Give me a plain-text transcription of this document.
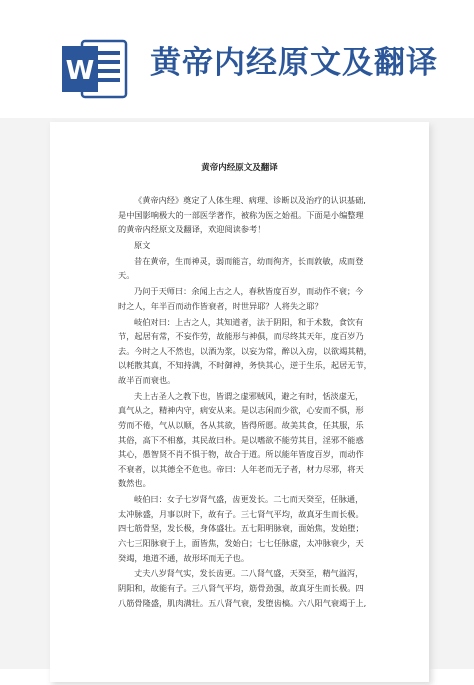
W 黄帝内经原文及翻译
黄帝内经原文及翻译
《黄帝内经》奠定了人体生理、病理、诊断以及治疗的认识基础,
是中国影响极大的一部医学著作，被称为医之始祖。下面是小编整理
的黄帝内经原文及翻译，欢迎阅读参考！
原文
昔在黄帝，生而神灵，弱而能言，幼而徇齐，长而敦敏，成而登
天。
乃问于天师曰：余闻上古之人，春秋皆度百岁，而动作不衰；今
时之人，年半百而动作皆衰者，时世异耶？人将失之耶？
岐伯对曰：上古之人，其知道者，法于阴阳，和于术数，食饮有
节，起居有常，不妄作劳，故能形与神俱，而尽终其天年，度百岁乃
去。今时之人不然也，以酒为浆，以妄为常，醉以入房，以欲竭其精，
以耗散其真，不知持满，不时御神，务快其心，逆于生乐，起居无节，
故半百而衰也。
夫上古圣人之教下也，皆谓之虚邪贼风，避之有时，恬淡虚无，
真气从之，精神内守，病安从来。是以志闲而少欲，心安而不惧，形
劳而不倦，气从以顺，各从其欲，皆得所愿。故美其食，任其服，乐
其俗，高下不相慕，其民故曰朴。是以嗜欲不能劳其目，淫邪不能惑
其心，愚智贤不肖不惧于物，故合于道。所以能年皆度百岁，而动作
不衰者，以其德全不危也。帝曰：人年老而无子者，材力尽邪，将天
数然也。
岐伯曰：女子七岁肾气盛，齿更发长。二七而天癸至，任脉通，
太冲脉盛，月事以时下，故有子。三七肾气平均，故真牙生而长极。
四七筋骨坚，发长极，身体盛壮。五七阳明脉衰，面始焦，发始堕；
六七三阳脉衰于上，面皆焦，发始白；七七任脉虚，太冲脉衰少，天
癸竭，地道不通，故形坏而无子也。
丈夫八岁肾气实，发长齿更。二八肾气盛，天癸至，精气溢泻，
阴阳和，故能有子。三八肾气平均，筋骨劲强，故真牙生而长极。四
八筋骨隆盛，肌肉满壮。五八肾气衰，发堕齿槁。六八阳气衰竭于上,
